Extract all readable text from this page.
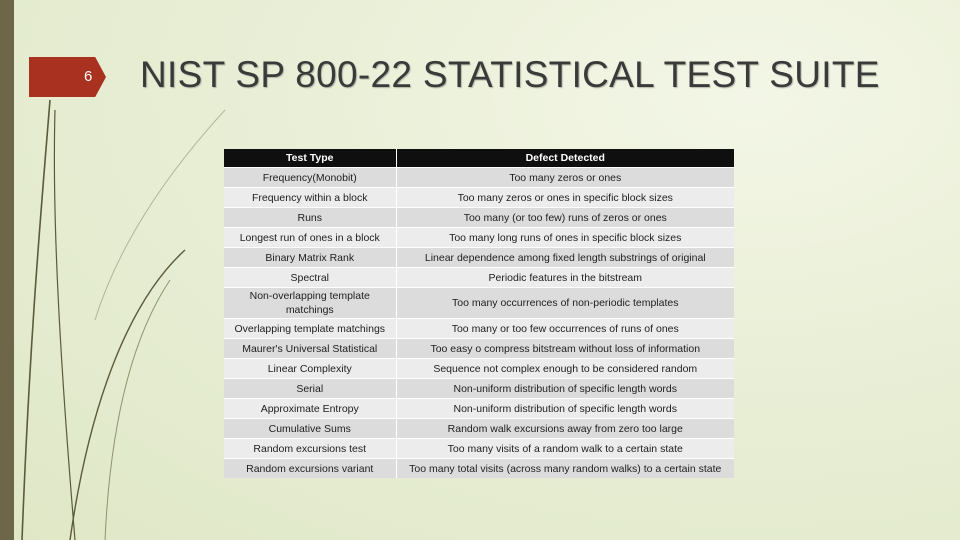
6 NIST SP 800-22 STATISTICAL TEST SUITE
Test Type	Defect Detected
Frequency(Monobit)	Too many zeros or ones
Frequency within a block	Too many zeros or ones in specific block sizes
Runs	Too many (or too few) runs of zeros or ones
Longest run of ones in a block	Too many long runs of ones in specific block sizes
Binary Matrix Rank	Linear dependence among fixed length substrings of original
Spectral	Periodic features in the bitstream
Non-overlapping template matchings	Too many occurrences of non-periodic templates
Overlapping template matchings	Too many or too few occurrences of runs of ones
Maurer's Universal Statistical	Too easy o compress bitstream without loss of information
Linear Complexity	Sequence not complex enough to be considered random
Serial	Non-uniform distribution of specific length words
Approximate Entropy	Non-uniform distribution of specific length words
Cumulative Sums	Random walk excursions away from zero too large
Random excursions test	Too many visits of a random walk to a certain state
Random excursions variant	Too many total visits (across many random walks) to a certain state
